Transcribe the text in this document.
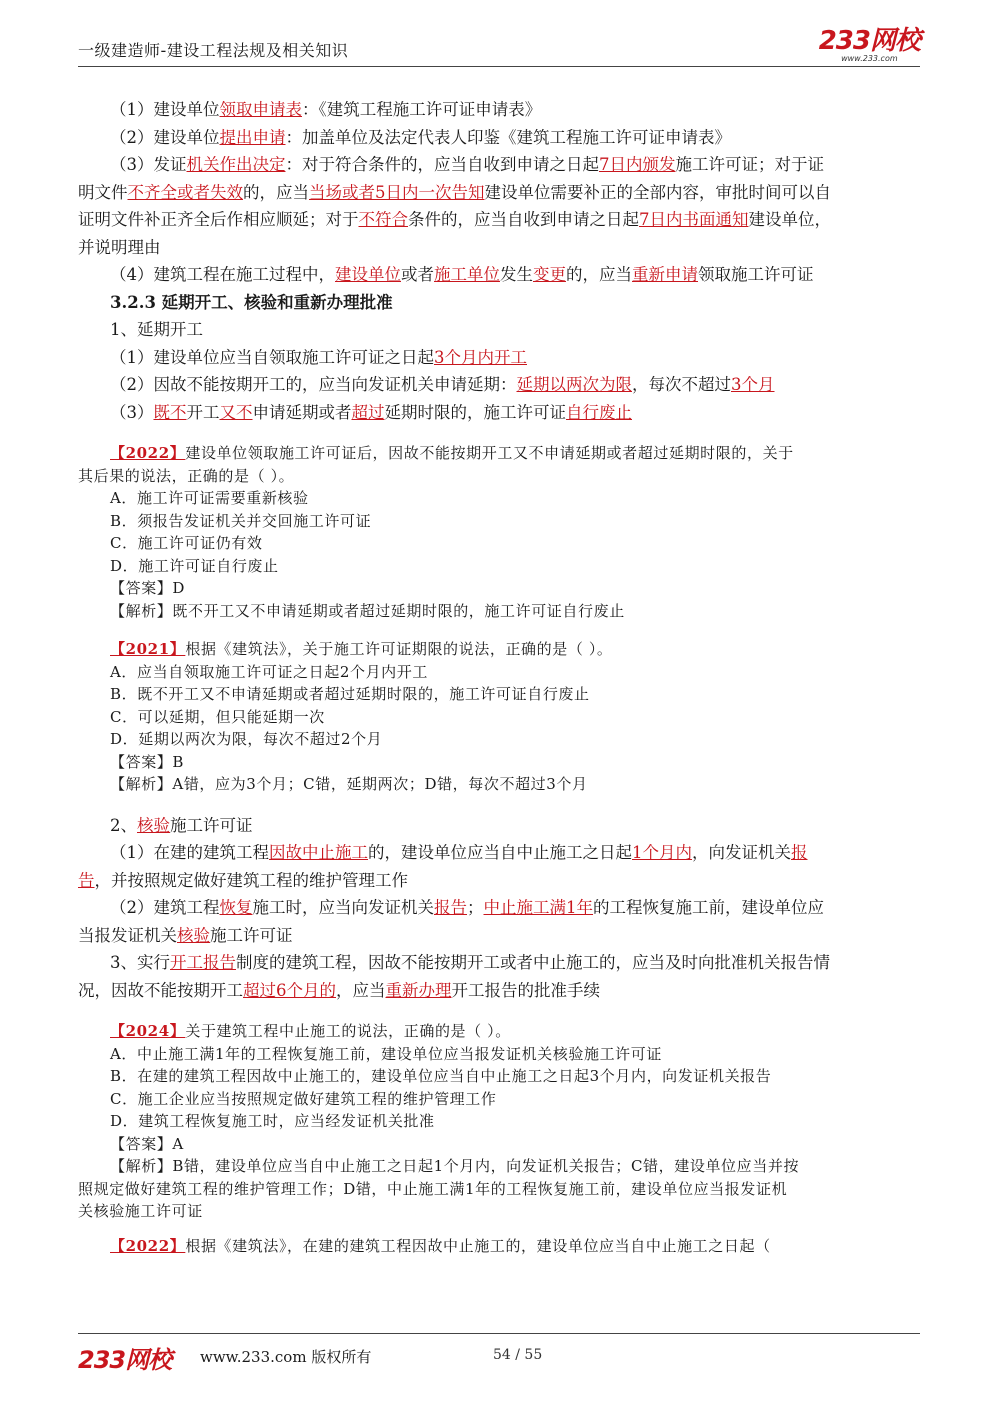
一级建造师-建设工程法规及相关知识	233网校
www.233.com
（1）建设单位领取申请表：《建筑工程施工许可证申请表》
（2）建设单位提出申请：加盖单位及法定代表人印鉴《建筑工程施工许可证申请表》
（3）发证机关作出决定：对于符合条件的，应当自收到申请之日起7日内颁发施工许可证；对于证
明文件不齐全或者失效的，应当当场或者5日内一次告知建设单位需要补正的全部内容，审批时间可以自
证明文件补正齐全后作相应顺延；对于不符合条件的，应当自收到申请之日起7日内书面通知建设单位，
并说明理由
（4）建筑工程在施工过程中，建设单位或者施工单位发生变更的，应当重新申请领取施工许可证
3.2.3 延期开工、核验和重新办理批准
1、延期开工
（1）建设单位应当自领取施工许可证之日起3个月内开工
（2）因故不能按期开工的，应当向发证机关申请延期：延期以两次为限，每次不超过3个月
（3）既不开工又不申请延期或者超过延期时限的，施工许可证自行废止
【2022】建设单位领取施工许可证后，因故不能按期开工又不申请延期或者超过延期时限的，关于
其后果的说法，正确的是（ ）。
A．施工许可证需要重新核验
B．须报告发证机关并交回施工许可证
C．施工许可证仍有效
D．施工许可证自行废止
【答案】D
【解析】既不开工又不申请延期或者超过延期时限的，施工许可证自行废止
【2021】根据《建筑法》，关于施工许可证期限的说法，正确的是（ ）。
A．应当自领取施工许可证之日起2个月内开工
B．既不开工又不申请延期或者超过延期时限的，施工许可证自行废止
C．可以延期，但只能延期一次
D．延期以两次为限，每次不超过2个月
【答案】B
【解析】A错，应为3个月；C错，延期两次；D错，每次不超过3个月
2、核验施工许可证
（1）在建的建筑工程因故中止施工的，建设单位应当自中止施工之日起1个月内，向发证机关报
告，并按照规定做好建筑工程的维护管理工作
（2）建筑工程恢复施工时，应当向发证机关报告；中止施工满1年的工程恢复施工前，建设单位应
当报发证机关核验施工许可证
3、实行开工报告制度的建筑工程，因故不能按期开工或者中止施工的，应当及时向批准机关报告情
况，因故不能按期开工超过6个月的，应当重新办理开工报告的批准手续
【2024】关于建筑工程中止施工的说法，正确的是（ ）。
A．中止施工满1年的工程恢复施工前，建设单位应当报发证机关核验施工许可证
B．在建的建筑工程因故中止施工的，建设单位应当自中止施工之日起3个月内，向发证机关报告
C．施工企业应当按照规定做好建筑工程的维护管理工作
D．建筑工程恢复施工时，应当经发证机关批准
【答案】A
【解析】B错，建设单位应当自中止施工之日起1个月内，向发证机关报告；C错，建设单位应当并按
照规定做好建筑工程的维护管理工作；D错，中止施工满1年的工程恢复施工前，建设单位应当报发证机
关核验施工许可证
【2022】根据《建筑法》，在建的建筑工程因故中止施工的，建设单位应当自中止施工之日起（
233网校 www.233.com 版权所有	54 / 55
